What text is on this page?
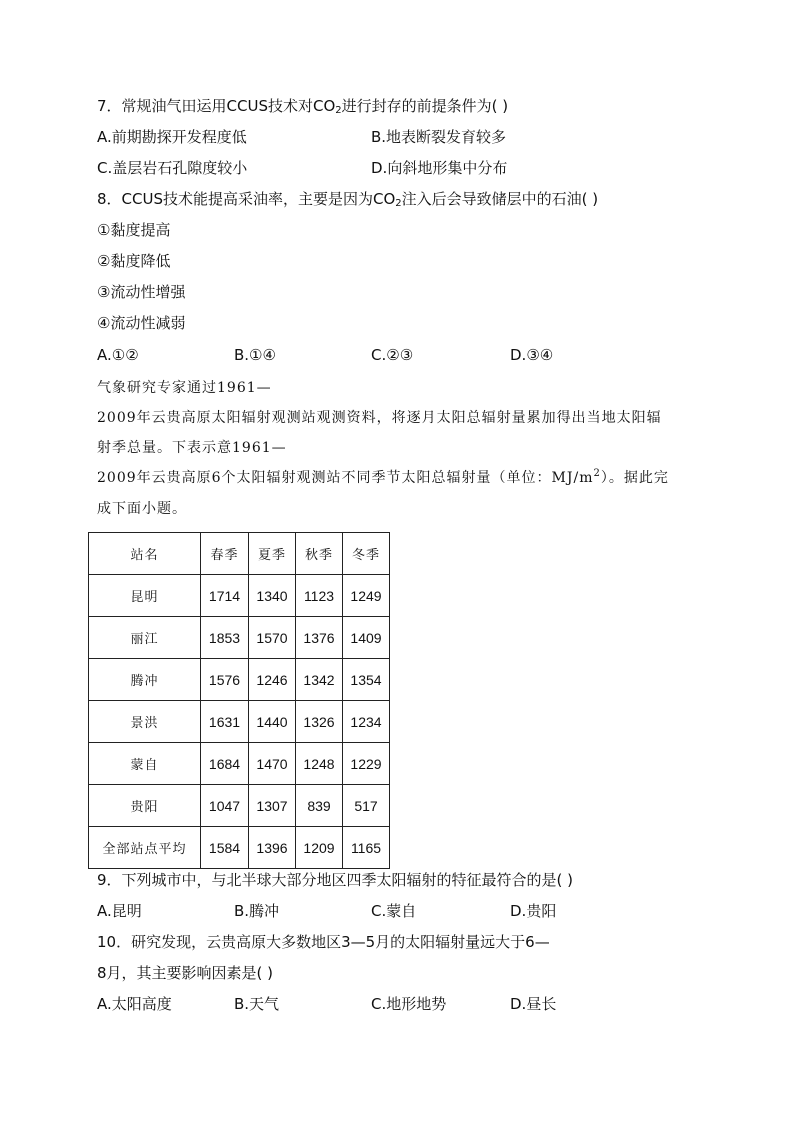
7．常规油气田运用CCUS技术对$CO_2$进行封存的前提条件为( )
A.前期勘探开发程度低	B.地表断裂发育较多
C.盖层岩石孔隙度较小	D.向斜地形集中分布
8．CCUS技术能提高采油率，主要是因为$CO_2$注入后会导致储层中的石油( )
①黏度提高
②黏度降低
③流动性增强
④流动性减弱
A.①②	B.①④	C.②③	D.③④
气象研究专家通过1961—
2009年云贵高原太阳辐射观测站观测资料，将逐月太阳总辐射量累加得出当地太阳辐
射季总量。下表示意1961—
2009年云贵高原6个太阳辐射观测站不同季节太阳总辐射量（单位：$MJ/m^2$）。据此完
成下面小题。
站名	春季	夏季	秋季	冬季
昆明	1714	1340	1123	1249
丽江	1853	1570	1376	1409
腾冲	1576	1246	1342	1354
景洪	1631	1440	1326	1234
蒙自	1684	1470	1248	1229
贵阳	1047	1307	839	517
全部站点平均	1584	1396	1209	1165
9．下列城市中，与北半球大部分地区四季太阳辐射的特征最符合的是( )
A.昆明	B.腾冲	C.蒙自	D.贵阳
10．研究发现，云贵高原大多数地区3—5月的太阳辐射量远大于6—
8月，其主要影响因素是( )
A.太阳高度	B.天气	C.地形地势	D.昼长
